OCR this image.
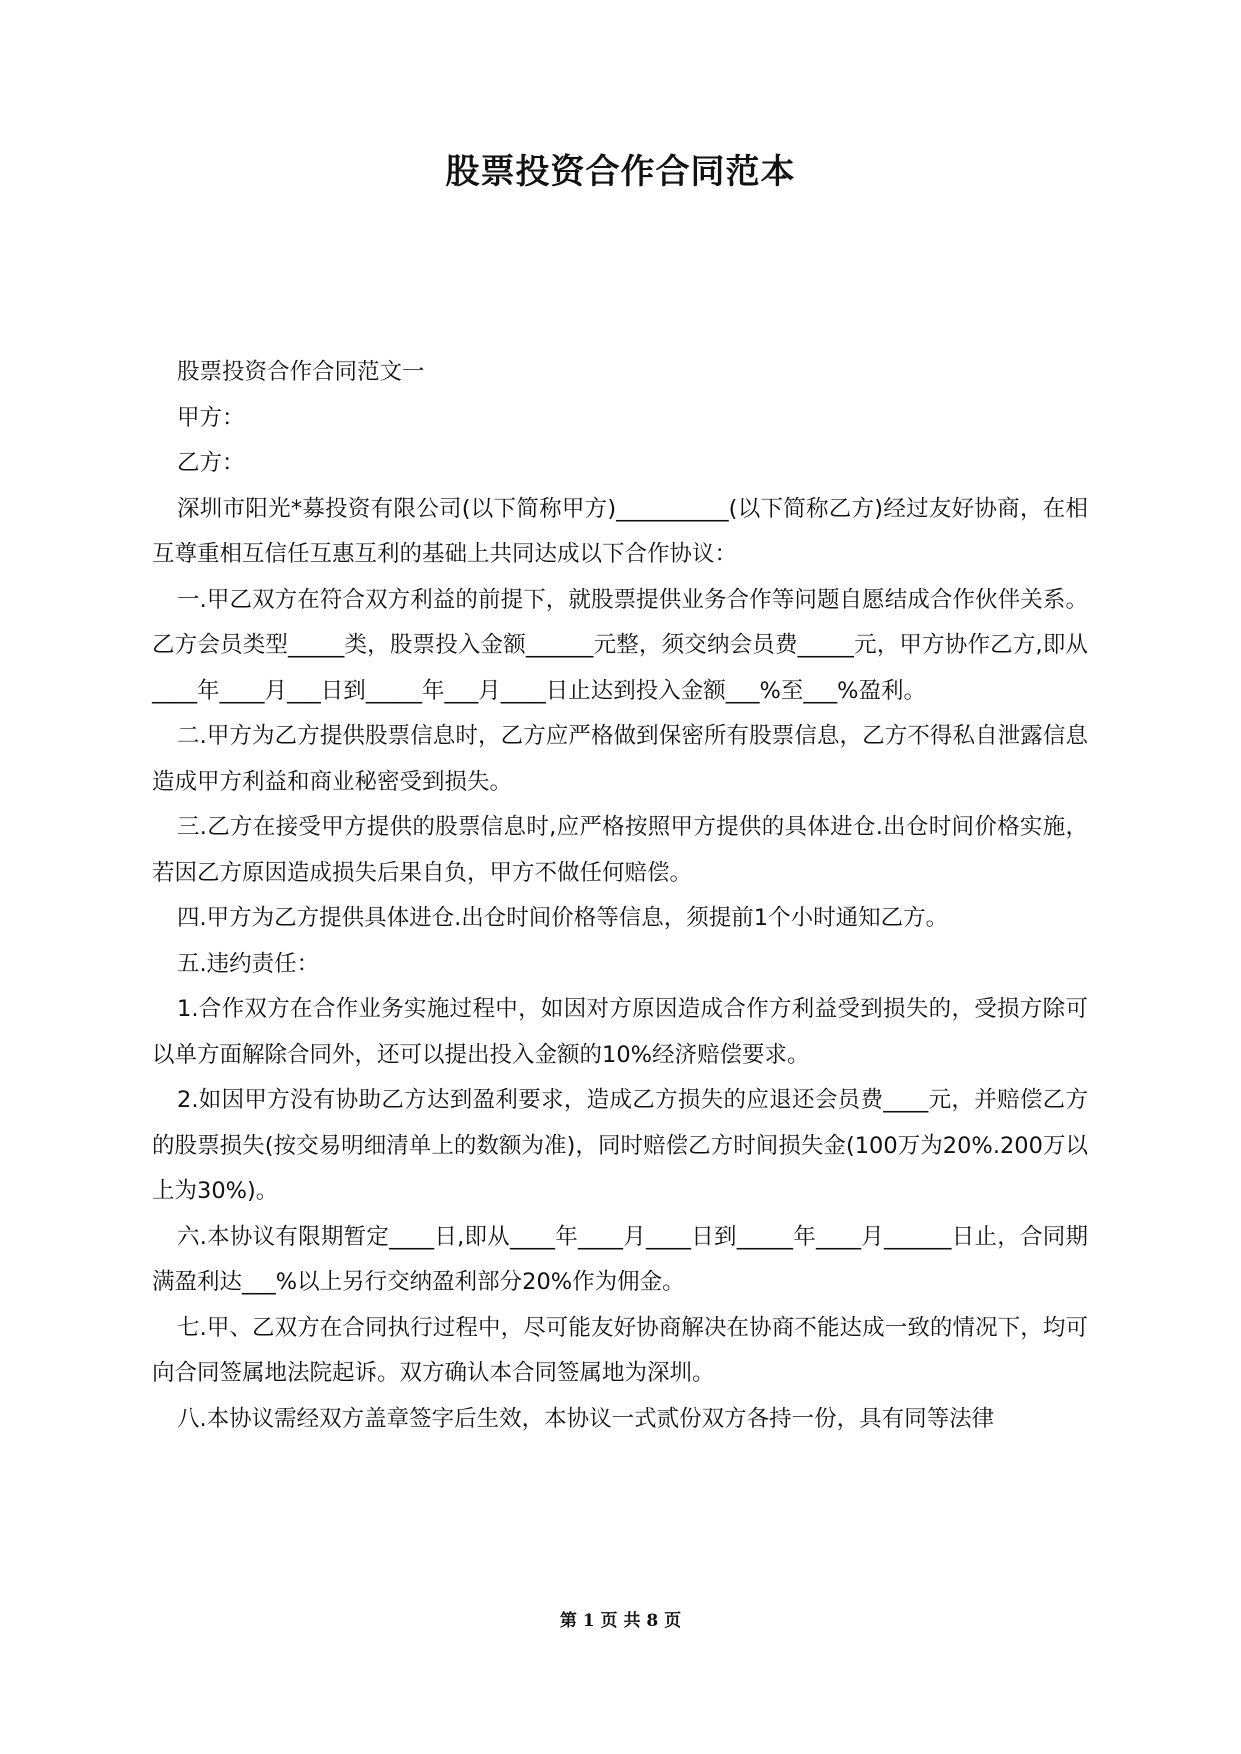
股票投资合作合同范本

股票投资合作合同范文一

甲方：

乙方：

深圳市阳光*募投资有限公司(以下简称甲方)__________(以下简称乙方)经过友好协商，在相互尊重相互信任互惠互利的基础上共同达成以下合作协议：

一.甲乙双方在符合双方利益的前提下，就股票提供业务合作等问题自愿结成合作伙伴关系。乙方会员类型_____类，股票投入金额______元整，须交纳会员费_____元，甲方协作乙方,即从____年____月___日到_____年___月____日止达到投入金额___%至___%盈利。

二.甲方为乙方提供股票信息时，乙方应严格做到保密所有股票信息，乙方不得私自泄露信息造成甲方利益和商业秘密受到损失。

三.乙方在接受甲方提供的股票信息时,应严格按照甲方提供的具体进仓.出仓时间价格实施，若因乙方原因造成损失后果自负，甲方不做任何赔偿。

四.甲方为乙方提供具体进仓.出仓时间价格等信息，须提前1个小时通知乙方。

五.违约责任：

1.合作双方在合作业务实施过程中，如因对方原因造成合作方利益受到损失的，受损方除可以单方面解除合同外，还可以提出投入金额的10%经济赔偿要求。

2.如因甲方没有协助乙方达到盈利要求，造成乙方损失的应退还会员费____元，并赔偿乙方的股票损失(按交易明细清单上的数额为准)，同时赔偿乙方时间损失金(100万为20%.200万以上为30%)。

六.本协议有限期暂定____日,即从____年____月____日到_____年____月______日止，合同期满盈利达___%以上另行交纳盈利部分20%作为佣金。

七.甲、乙双方在合同执行过程中，尽可能友好协商解决在协商不能达成一致的情况下，均可向合同签属地法院起诉。双方确认本合同签属地为深圳。

八.本协议需经双方盖章签字后生效，本协议一式贰份双方各持一份，具有同等法律

第 1 页 共 8 页
